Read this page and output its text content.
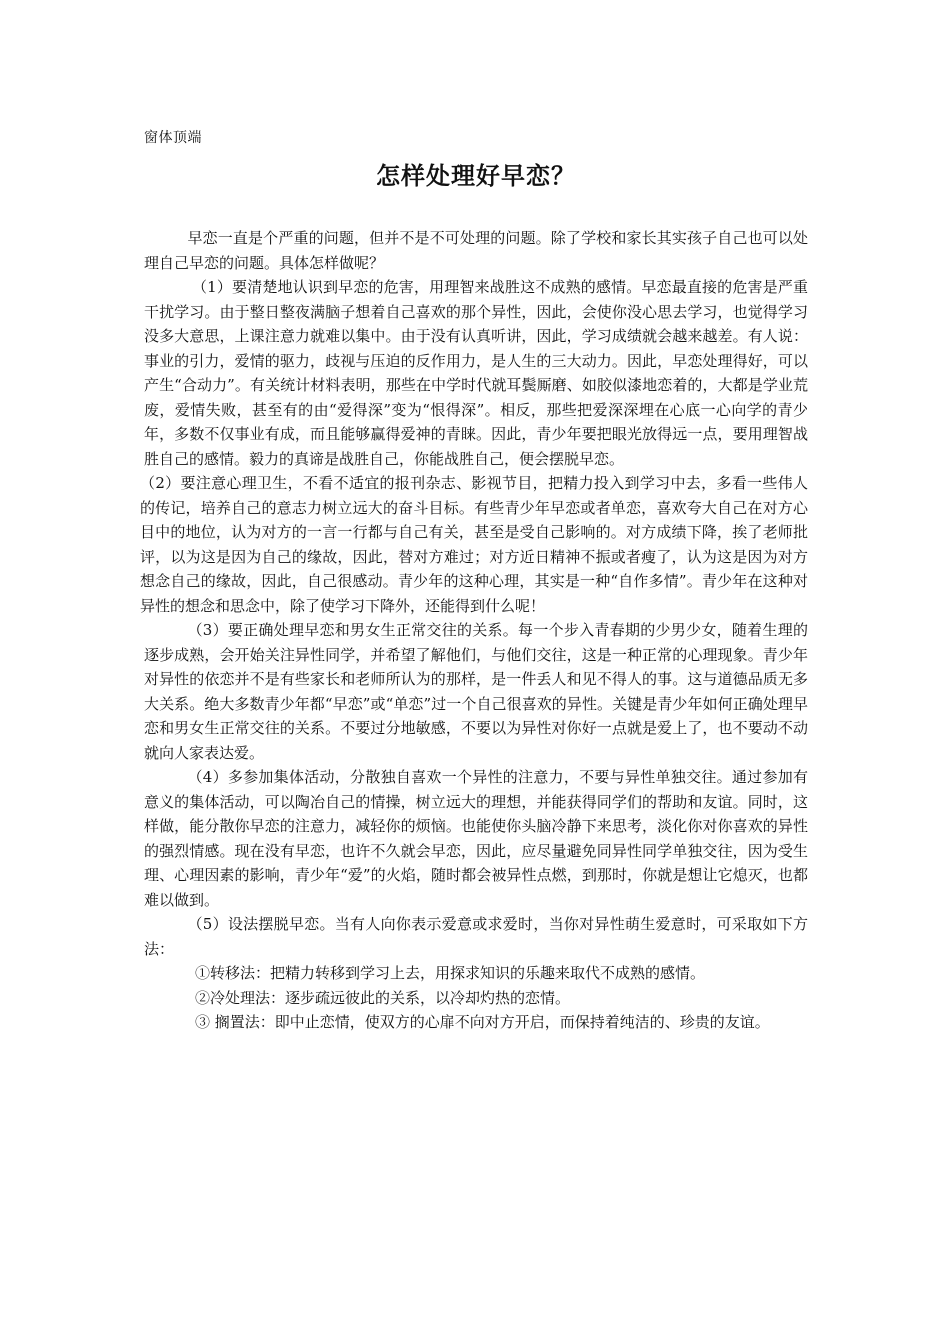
窗体顶端
怎样处理好早恋？

早恋一直是个严重的问题，但并不是不可处理的问题。除了学校和家长其实孩子自己也可以处理自己早恋的问题。具体怎样做呢？

（1）要清楚地认识到早恋的危害，用理智来战胜这不成熟的感情。早恋最直接的危害是严重干扰学习。由于整日整夜满脑子想着自己喜欢的那个异性，因此，会使你没心思去学习，也觉得学习没多大意思，上课注意力就难以集中。由于没有认真听讲，因此，学习成绩就会越来越差。有人说：事业的引力，爱情的驱力，歧视与压迫的反作用力，是人生的三大动力。因此，早恋处理得好，可以产生“合动力”。有关统计材料表明，那些在中学时代就耳鬓厮磨、如胶似漆地恋着的，大都是学业荒废，爱情失败，甚至有的由“爱得深”变为“恨得深”。相反，那些把爱深深埋在心底一心向学的青少年，多数不仅事业有成，而且能够赢得爱神的青睐。因此，青少年要把眼光放得远一点，要用理智战胜自己的感情。毅力的真谛是战胜自己，你能战胜自己，便会摆脱早恋。

（2）要注意心理卫生，不看不适宜的报刊杂志、影视节目，把精力投入到学习中去，多看一些伟人的传记，培养自己的意志力树立远大的奋斗目标。有些青少年早恋或者单恋，喜欢夸大自己在对方心目中的地位，认为对方的一言一行都与自己有关，甚至是受自己影响的。对方成绩下降，挨了老师批评，以为这是因为自己的缘故，因此，替对方难过；对方近日精神不振或者瘦了，认为这是因为对方想念自己的缘故，因此，自己很感动。青少年的这种心理，其实是一种“自作多情”。青少年在这种对异性的想念和思念中，除了使学习下降外，还能得到什么呢！

（3）要正确处理早恋和男女生正常交往的关系。每一个步入青春期的少男少女，随着生理的逐步成熟，会开始关注异性同学，并希望了解他们，与他们交往，这是一种正常的心理现象。青少年对异性的依恋并不是有些家长和老师所认为的那样，是一件丢人和见不得人的事。这与道德品质无多大关系。绝大多数青少年都“早恋”或“单恋”过一个自己很喜欢的异性。关键是青少年如何正确处理早恋和男女生正常交往的关系。不要过分地敏感，不要以为异性对你好一点就是爱上了，也不要动不动就向人家表达爱。

（4）多参加集体活动，分散独自喜欢一个异性的注意力，不要与异性单独交往。通过参加有意义的集体活动，可以陶冶自己的情操，树立远大的理想，并能获得同学们的帮助和友谊。同时，这样做，能分散你早恋的注意力，减轻你的烦恼。也能使你头脑冷静下来思考，淡化你对你喜欢的异性的强烈情感。现在没有早恋，也许不久就会早恋，因此，应尽量避免同异性同学单独交往，因为受生理、心理因素的影响，青少年“爱”的火焰，随时都会被异性点燃，到那时，你就是想让它熄灭，也都难以做到。

（5）设法摆脱早恋。当有人向你表示爱意或求爱时，当你对异性萌生爱意时，可采取如下方法：

①转移法：把精力转移到学习上去，用探求知识的乐趣来取代不成熟的感情。

②冷处理法：逐步疏远彼此的关系，以冷却灼热的恋情。

③ 搁置法：即中止恋情，使双方的心扉不向对方开启，而保持着纯洁的、珍贵的友谊。
